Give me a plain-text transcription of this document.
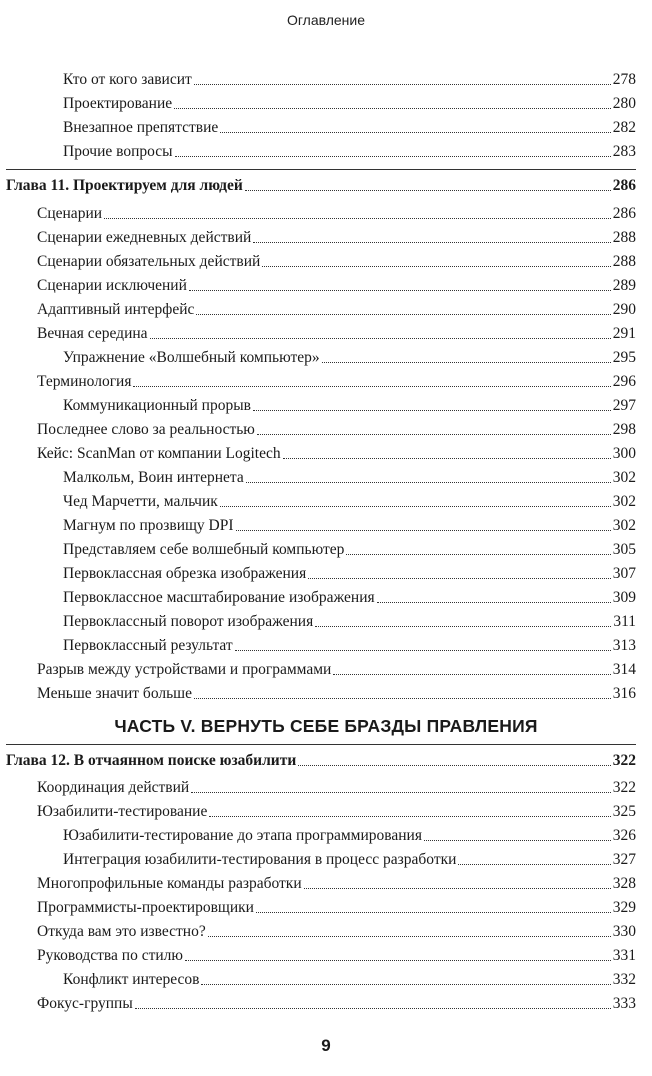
Оглавление
Кто от кого зависит	278
Проектирование	280
Внезапное препятствие	282
Прочие вопросы	283
Глава 11. Проектируем для людей	286
Сценарии	286
Сценарии ежедневных действий	288
Сценарии обязательных действий	288
Сценарии исключений	289
Адаптивный интерфейс	290
Вечная середина	291
Упражнение «Волшебный компьютер»	295
Терминология	296
Коммуникационный прорыв	297
Последнее слово за реальностью	298
Кейс: ScanMan от компании Logitech	300
Малкольм, Воин интернета	302
Чед Марчетти, мальчик	302
Магнум по прозвищу DPI	302
Представляем себе волшебный компьютер	305
Первоклассная обрезка изображения	307
Первоклассное масштабирование изображения	309
Первоклассный поворот изображения	311
Первоклассный результат	313
Разрыв между устройствами и программами	314
Меньше значит больше	316
ЧАСТЬ V. ВЕРНУТЬ СЕБЕ БРАЗДЫ ПРАВЛЕНИЯ
Глава 12. В отчаянном поиске юзабилити	322
Координация действий	322
Юзабилити-тестирование	325
Юзабилити-тестирование до этапа программирования	326
Интеграция юзабилити-тестирования в процесс разработки	327
Многопрофильные команды разработки	328
Программисты-проектировщики	329
Откуда вам это известно?	330
Руководства по стилю	331
Конфликт интересов	332
Фокус-группы	333
9
